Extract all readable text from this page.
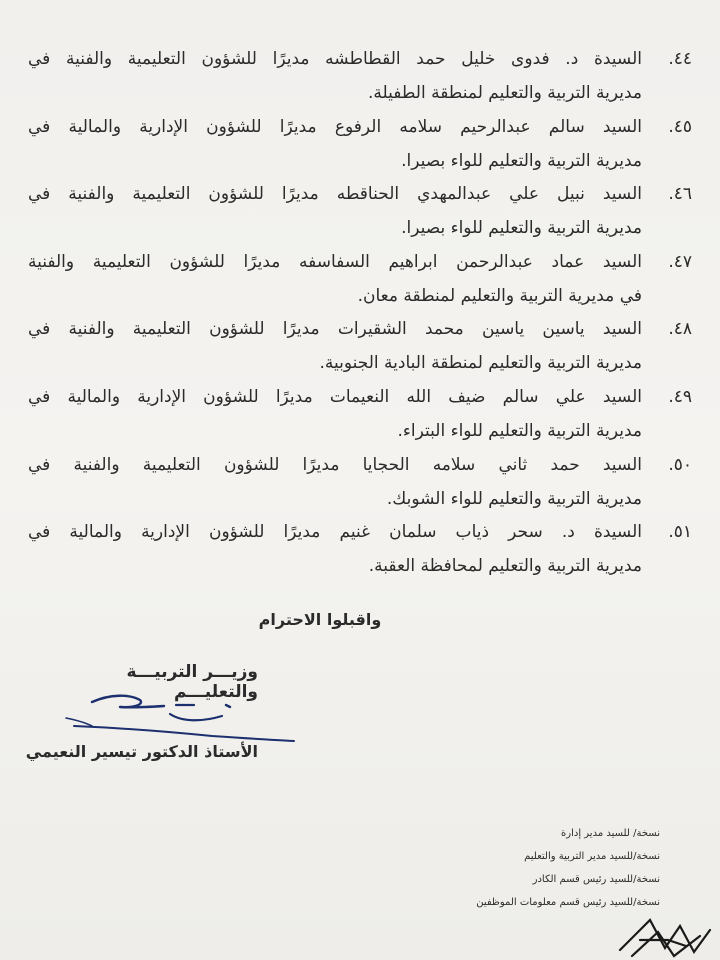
٤٤.
السيدة د. فدوى خليل حمد القطاطشه مديرًا للشؤون التعليمية والفنية في
مديرية التربية والتعليم لمنطقة الطفيلة.
٤٥.
السيد سالم عبدالرحيم سلامه الرفوع مديرًا للشؤون الإدارية والمالية في
مديرية التربية والتعليم للواء بصيرا.
٤٦.
السيد نبيل علي عبدالمهدي الحناقطه مديرًا للشؤون التعليمية والفنية في
مديرية التربية والتعليم للواء بصيرا.
٤٧.
السيد عماد عبدالرحمن ابراهيم السفاسفه مديرًا للشؤون التعليمية والفنية
في مديرية التربية والتعليم لمنطقة معان.
٤٨.
السيد ياسين ياسين محمد الشقيرات مديرًا للشؤون التعليمية والفنية في
مديرية التربية والتعليم لمنطقة البادية الجنوبية.
٤٩.
السيد علي سالم ضيف الله النعيمات مديرًا للشؤون الإدارية والمالية في
مديرية التربية والتعليم للواء البتراء.
٥٠.
السيد حمد ثاني سلامه الحجايا مديرًا للشؤون التعليمية والفنية في
مديرية التربية والتعليم للواء الشوبك.
٥١.
السيدة د. سحر ذياب سلمان غنيم مديرًا للشؤون الإدارية والمالية في
مديرية التربية والتعليم لمحافظة العقبة.
واقبلوا الاحترام
وزيـــر التربيـــة والتعليـــم
الأستاذ الدكتور تيسير النعيمي
نسخة/ للسيد مدير إدارة
نسخة/للسيد مدير التربية والتعليم
نسخة/للسيد رئيس قسم الكادر
نسخة/للسيد رئيس قسم معلومات الموظفين
